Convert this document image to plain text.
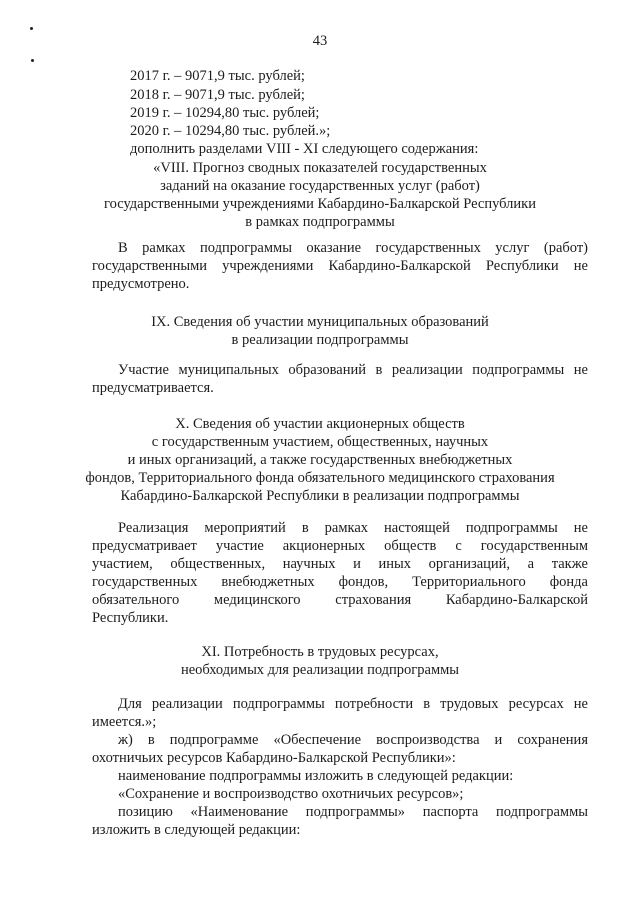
43
2017 г. – 9071,9 тыс. рублей;
2018 г. – 9071,9 тыс. рублей;
2019 г. – 10294,80 тыс. рублей;
2020 г. – 10294,80 тыс. рублей.»;
дополнить разделами VIII - XI следующего содержания:
«VIII. Прогноз сводных показателей государственных
заданий на оказание государственных услуг (работ)
государственными учреждениями Кабардино-Балкарской Республики
в рамках подпрограммы
В рамках подпрограммы оказание государственных услуг (работ)
государственными учреждениями Кабардино-Балкарской Республики не
предусмотрено.
IX. Сведения об участии муниципальных образований
в реализации подпрограммы
Участие муниципальных образований в реализации подпрограммы не
предусматривается.
X. Сведения об участии акционерных обществ
с государственным участием, общественных, научных
и иных организаций, а также государственных внебюджетных
фондов, Территориального фонда обязательного медицинского страхования
Кабардино-Балкарской Республики в реализации подпрограммы
Реализация мероприятий в рамках настоящей подпрограммы не
предусматривает участие акционерных обществ с государственным
участием, общественных, научных и иных организаций, а также
государственных внебюджетных фондов, Территориального фонда
обязательного медицинского страхования Кабардино-Балкарской
Республики.
XI. Потребность в трудовых ресурсах,
необходимых для реализации подпрограммы
Для реализации подпрограммы потребности в трудовых ресурсах не
имеется.»;
ж) в подпрограмме «Обеспечение воспроизводства и сохранения
охотничьих ресурсов Кабардино-Балкарской Республики»:
наименование подпрограммы изложить в следующей редакции:
«Сохранение и воспроизводство охотничьих ресурсов»;
позицию «Наименование подпрограммы» паспорта подпрограммы
изложить в следующей редакции:
